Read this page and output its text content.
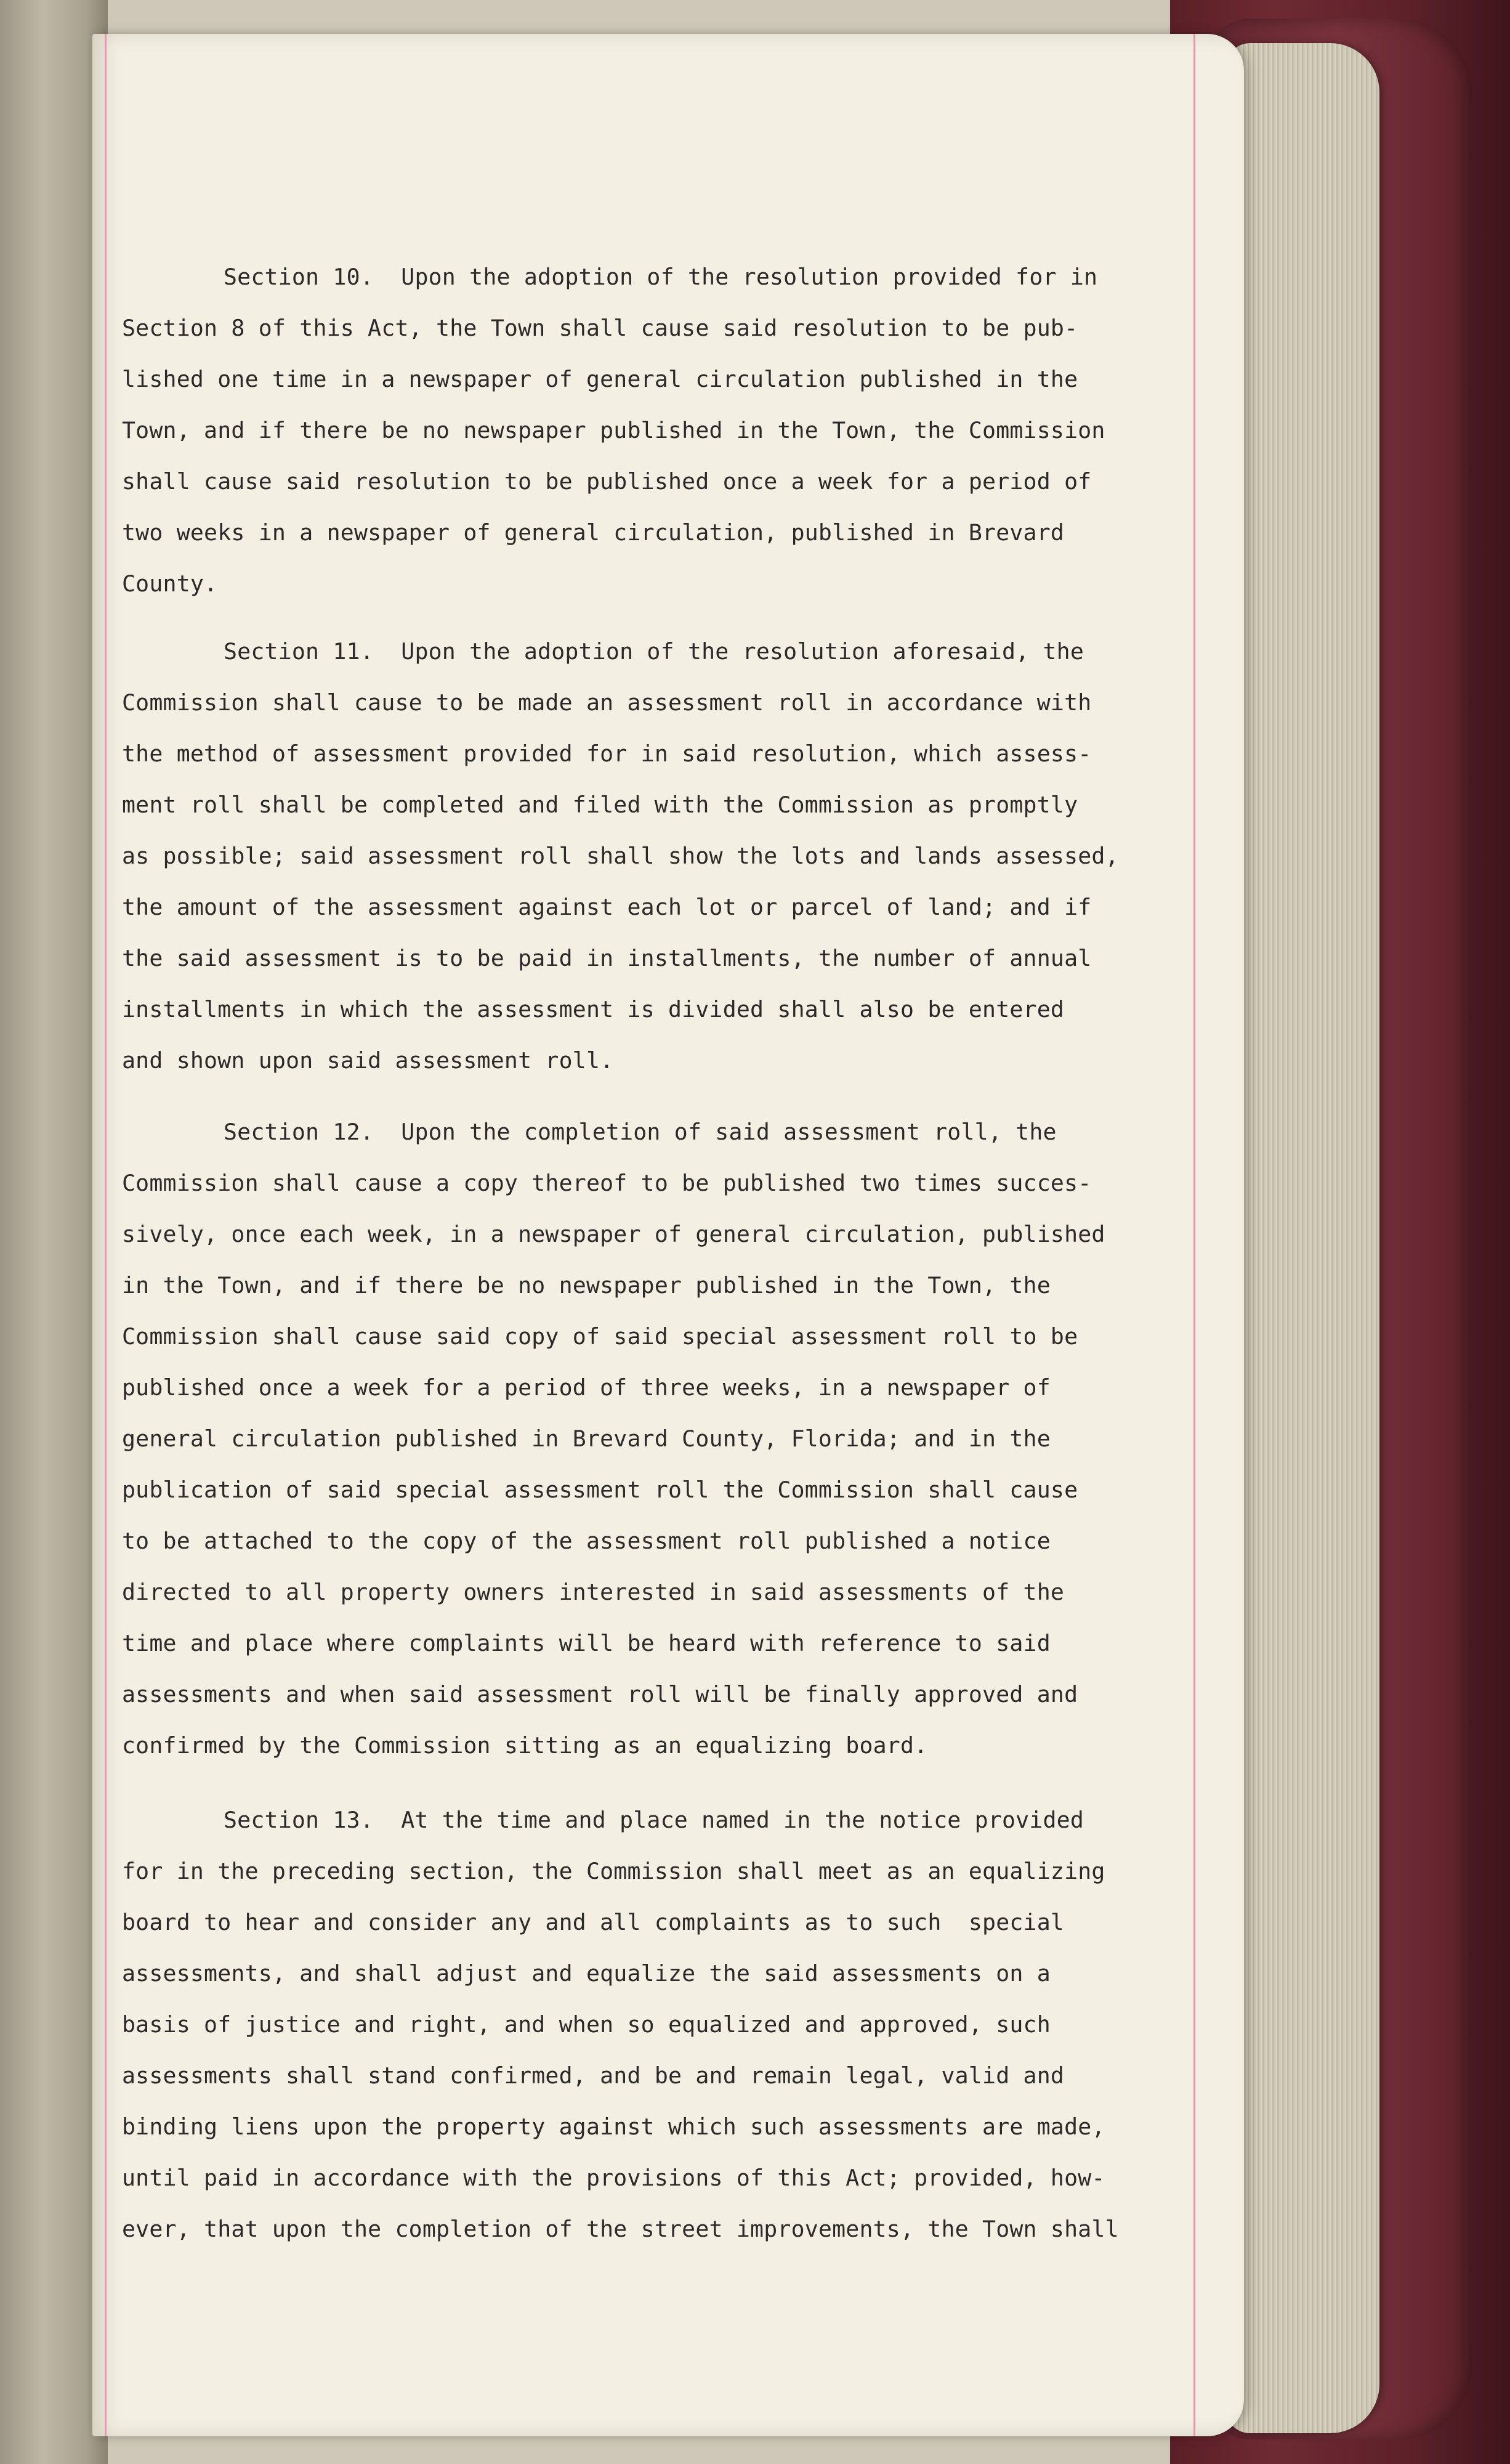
Section 10.  Upon the adoption of the resolution provided for in
Section 8 of this Act, the Town shall cause said resolution to be pub-
lished one time in a newspaper of general circulation published in the
Town, and if there be no newspaper published in the Town, the Commission
shall cause said resolution to be published once a week for a period of
two weeks in a newspaper of general circulation, published in Brevard
County.
Section 11.  Upon the adoption of the resolution aforesaid, the
Commission shall cause to be made an assessment roll in accordance with
the method of assessment provided for in said resolution, which assess-
ment roll shall be completed and filed with the Commission as promptly
as possible; said assessment roll shall show the lots and lands assessed,
the amount of the assessment against each lot or parcel of land; and if
the said assessment is to be paid in installments, the number of annual
installments in which the assessment is divided shall also be entered
and shown upon said assessment roll.
Section 12.  Upon the completion of said assessment roll, the
Commission shall cause a copy thereof to be published two times succes-
sively, once each week, in a newspaper of general circulation, published
in the Town, and if there be no newspaper published in the Town, the
Commission shall cause said copy of said special assessment roll to be
published once a week for a period of three weeks, in a newspaper of
general circulation published in Brevard County, Florida; and in the
publication of said special assessment roll the Commission shall cause
to be attached to the copy of the assessment roll published a notice
directed to all property owners interested in said assessments of the
time and place where complaints will be heard with reference to said
assessments and when said assessment roll will be finally approved and
confirmed by the Commission sitting as an equalizing board.
Section 13.  At the time and place named in the notice provided
for in the preceding section, the Commission shall meet as an equalizing
board to hear and consider any and all complaints as to such  special
assessments, and shall adjust and equalize the said assessments on a
basis of justice and right, and when so equalized and approved, such
assessments shall stand confirmed, and be and remain legal, valid and
binding liens upon the property against which such assessments are made,
until paid in accordance with the provisions of this Act; provided, how-
ever, that upon the completion of the street improvements, the Town shall
